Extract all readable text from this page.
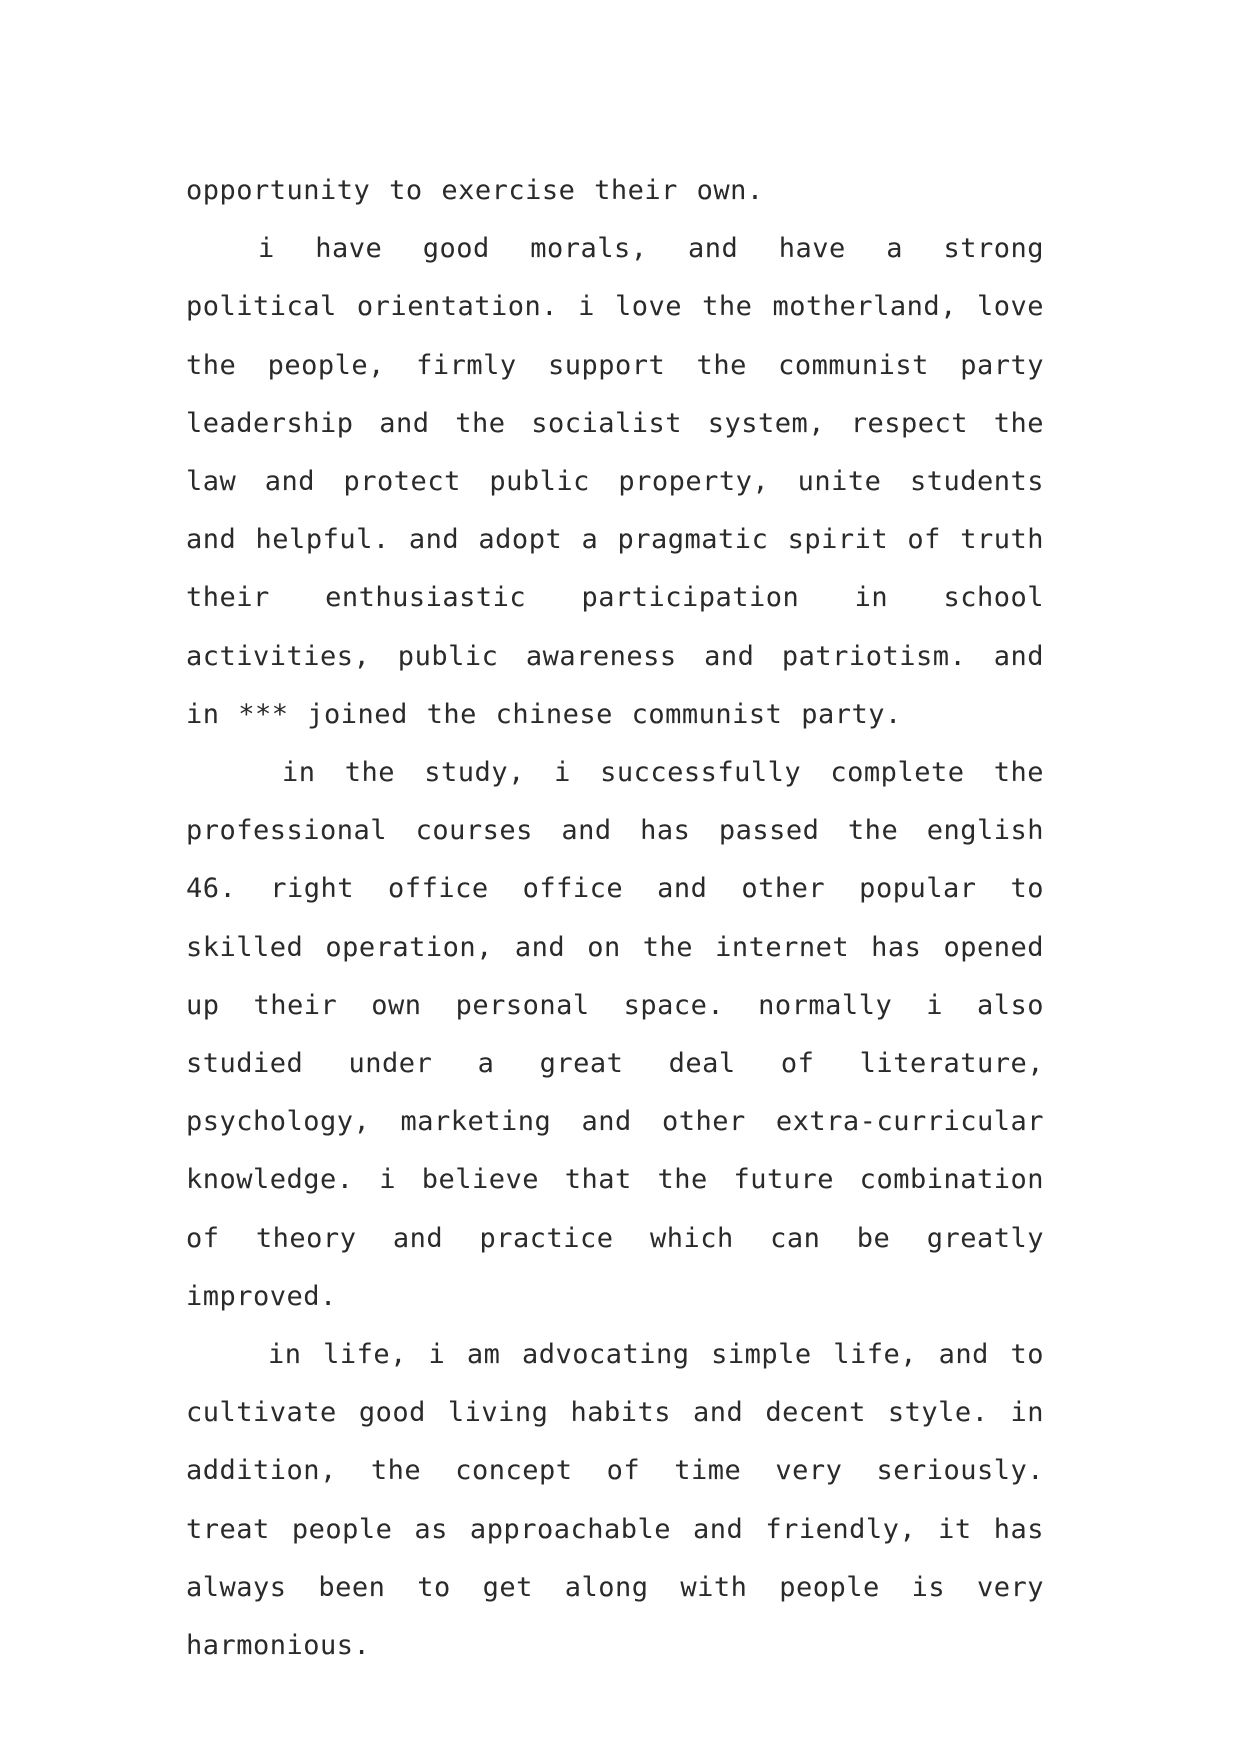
opportunity to exercise their own.

i have good morals, and have a strong political orientation. i love the motherland, love the people, firmly support the communist party leadership and the socialist system, respect the law and protect public property, unite students and helpful. and adopt a pragmatic spirit of truth their enthusiastic participation in school activities, public awareness and patriotism. and in *** joined the chinese communist party.

in the study, i successfully complete the professional courses and has passed the english 46. right office office and other popular to skilled operation, and on the internet has opened up their own personal space. normally i also studied under a great deal of literature, psychology, marketing and other extra-curricular knowledge. i believe that the future combination of theory and practice which can be greatly improved.

in life, i am advocating simple life, and to cultivate good living habits and decent style. in addition, the concept of time very seriously. treat people as approachable and friendly, it has always been to get along with people is very harmonious.
